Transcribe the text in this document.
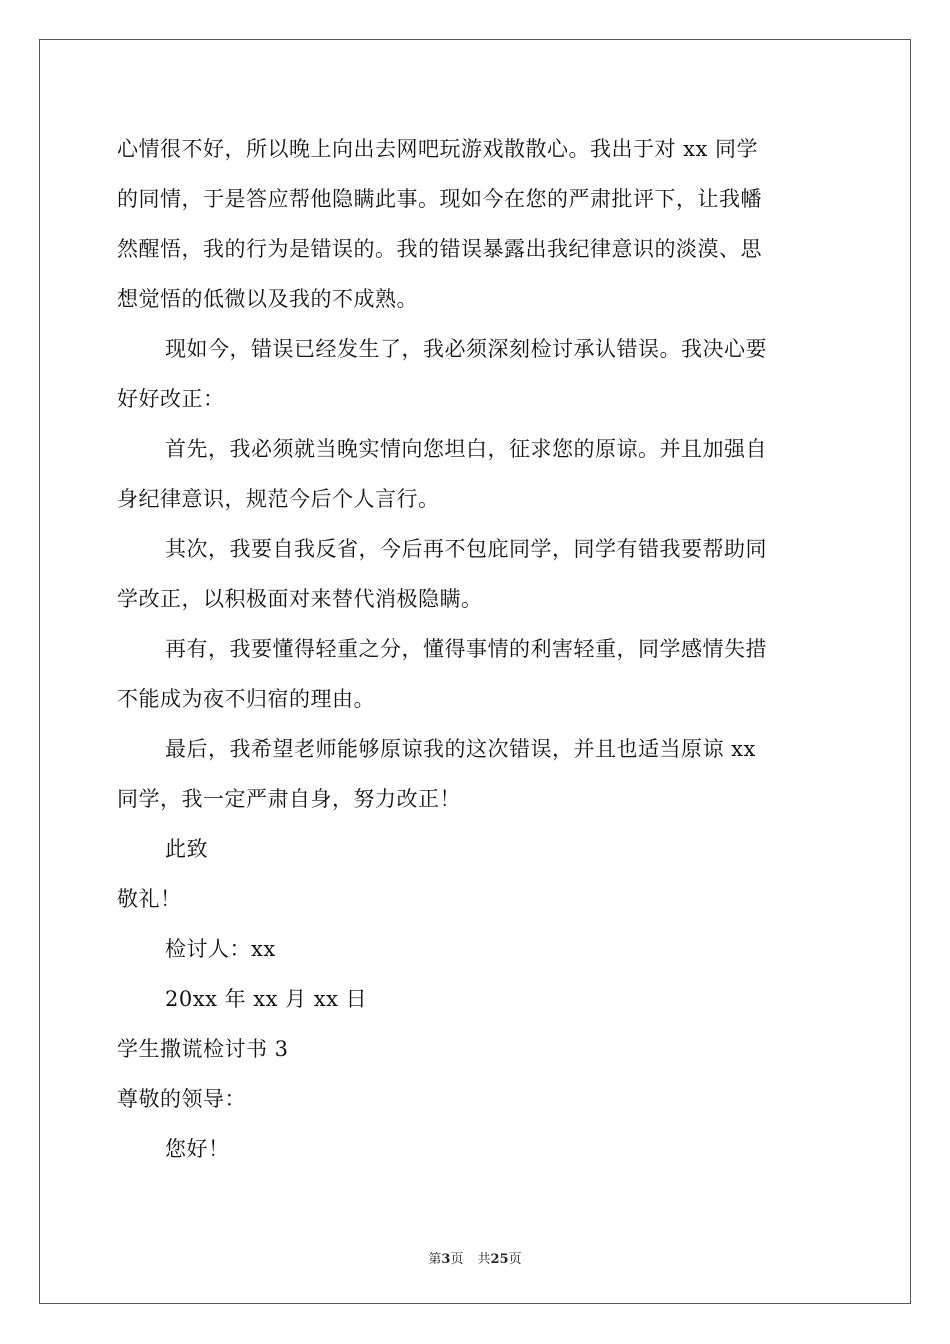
心情很不好，所以晚上向出去网吧玩游戏散散心。我出于对 xx 同学
的同情，于是答应帮他隐瞒此事。现如今在您的严肃批评下，让我幡
然醒悟，我的行为是错误的。我的错误暴露出我纪律意识的淡漠、思
想觉悟的低微以及我的不成熟。
现如今，错误已经发生了，我必须深刻检讨承认错误。我决心要
好好改正：
首先，我必须就当晚实情向您坦白，征求您的原谅。并且加强自
身纪律意识，规范今后个人言行。
其次，我要自我反省，今后再不包庇同学，同学有错我要帮助同
学改正，以积极面对来替代消极隐瞒。
再有，我要懂得轻重之分，懂得事情的利害轻重，同学感情失措
不能成为夜不归宿的理由。
最后，我希望老师能够原谅我的这次错误，并且也适当原谅 xx
同学，我一定严肃自身，努力改正！
此致
敬礼！
检讨人：xx
20xx 年 xx 月 xx 日
学生撒谎检讨书 3
尊敬的领导：
您好！
第3页 共25页
